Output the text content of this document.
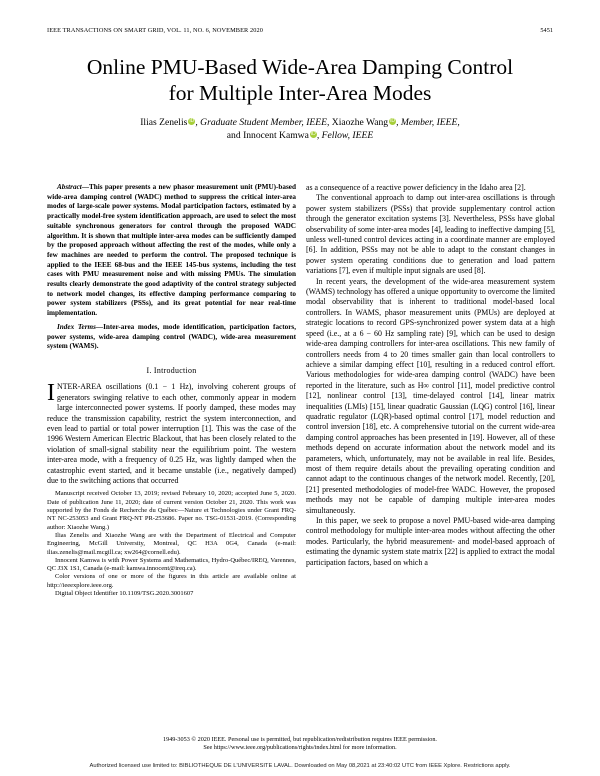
IEEE TRANSACTIONS ON SMART GRID, VOL. 11, NO. 6, NOVEMBER 2020	5451
Online PMU-Based Wide-Area Damping Control
for Multiple Inter-Area Modes
Ilias Zenelis iD, Graduate Student Member, IEEE, Xiaozhe Wang iD, Member, IEEE,
and Innocent Kamwa iD, Fellow, IEEE

Abstract—This paper presents a new phasor measurement unit (PMU)-based wide-area damping control (WADC) method to suppress the critical inter-area modes of large-scale power systems. Modal participation factors, estimated by a practically model-free system identification approach, are used to select the most suitable synchronous generators for control through the proposed WADC algorithm. It is shown that multiple inter-area modes can be sufficiently damped by the proposed approach without affecting the rest of the modes, while only a few machines are needed to perform the control. The proposed technique is applied to the IEEE 68-bus and the IEEE 145-bus systems, including the test cases with PMU measurement noise and with missing PMUs. The simulation results clearly demonstrate the good adaptivity of the control strategy subjected to network model changes, its effective damping performance comparing to power system stabilizers (PSSs), and its great potential for near real-time implementation.

Index Terms—Inter-area modes, mode identification, participation factors, power systems, wide-area damping control (WADC), wide-area measurement system (WAMS).

I. Introduction

INTER-AREA oscillations (0.1 − 1 Hz), involving coherent groups of generators swinging relative to each other, commonly appear in modern large interconnected power systems. If poorly damped, these modes may reduce the transmission capability, restrict the system interconnection, and even lead to partial or total power interruption [1]. This was the case of the 1996 Western American Electric Blackout, that has been closely related to the violation of small-signal stability near the equilibrium point. The western inter-area mode, with a frequency of 0.25 Hz, was lightly damped when the catastrophic event started, and it became unstable (i.e., negatively damped) due to the switching actions that occurred

Manuscript received October 13, 2019; revised February 10, 2020; accepted June 5, 2020. Date of publication June 11, 2020; date of current version October 21, 2020. This work was supported by the Fonds de Recherche du Québec—Nature et Technologies under Grant FRQ-NT NC-253053 and Grant FRQ-NT PR-253686. Paper no. TSG-01531-2019. (Corresponding author: Xiaozhe Wang.)

Ilias Zenelis and Xiaozhe Wang are with the Department of Electrical and Computer Engineering, McGill University, Montreal, QC H3A 0G4, Canada (e-mail: ilias.zenelis@mail.mcgill.ca; xw264@cornell.edu).

Innocent Kamwa is with Power Systems and Mathematics, Hydro-Québec/IREQ, Varennes, QC J3X 1S1, Canada (e-mail: kamwa.innocent@ireq.ca).

Color versions of one or more of the figures in this article are available online at http://ieeexplore.ieee.org.

Digital Object Identifier 10.1109/TSG.2020.3001607

as a consequence of a reactive power deficiency in the Idaho area [2].

The conventional approach to damp out inter-area oscillations is through power system stabilizers (PSSs) that provide supplementary control action through the generator excitation systems [3]. Nevertheless, PSSs have global observability of some inter-area modes [4], leading to ineffective damping [5], unless well-tuned control devices acting in a coordinate manner are employed [6]. In addition, PSSs may not be able to adapt to the constant changes in power system operating conditions due to generation and load pattern variations [7], even if multiple input signals are used [8].

In recent years, the development of the wide-area measurement system (WAMS) technology has offered a unique opportunity to overcome the limited modal observability that is inherent to traditional model-based local controllers. In WAMS, phasor measurement units (PMUs) are deployed at strategic locations to record GPS-synchronized power system data at a high speed (i.e., at a 6 − 60 Hz sampling rate) [9], which can be used to design wide-area damping controllers for inter-area oscillations. This new family of controllers needs from 4 to 20 times smaller gain than local controllers to achieve a similar damping effect [10], resulting in a reduced control effort. Various methodologies for wide-area damping control (WADC) have been reported in the literature, such as H∞ control [11], model predictive control [12], nonlinear control [13], time-delayed control [14], linear matrix inequalities (LMIs) [15], linear quadratic Gaussian (LQG) control [16], linear quadratic regulator (LQR)-based optimal control [17], model reduction and control inversion [18], etc. A comprehensive tutorial on the current wide-area damping control approaches has been presented in [19]. However, all of these methods depend on accurate information about the network model and its parameters, which, unfortunately, may not be available in real life. Besides, most of them require details about the prevailing operating condition and cannot adapt to the continuous changes of the network model. Recently, [20], [21] presented methodologies of model-free WADC. However, the proposed methods may not be capable of damping multiple inter-area modes simultaneously.

In this paper, we seek to propose a novel PMU-based wide-area damping control methodology for multiple inter-area modes without affecting the other modes. Particularly, the hybrid measurement- and model-based approach of estimating the dynamic system state matrix [22] is applied to extract the modal participation factors, based on which a

1949-3053 © 2020 IEEE. Personal use is permitted, but republication/redistribution requires IEEE permission.
See https://www.ieee.org/publications/rights/index.html for more information.
Authorized licensed use limited to: BIBLIOTHEQUE DE L'UNIVERSITE LAVAL. Downloaded on May 08,2021 at 23:40:02 UTC from IEEE Xplore. Restrictions apply.
